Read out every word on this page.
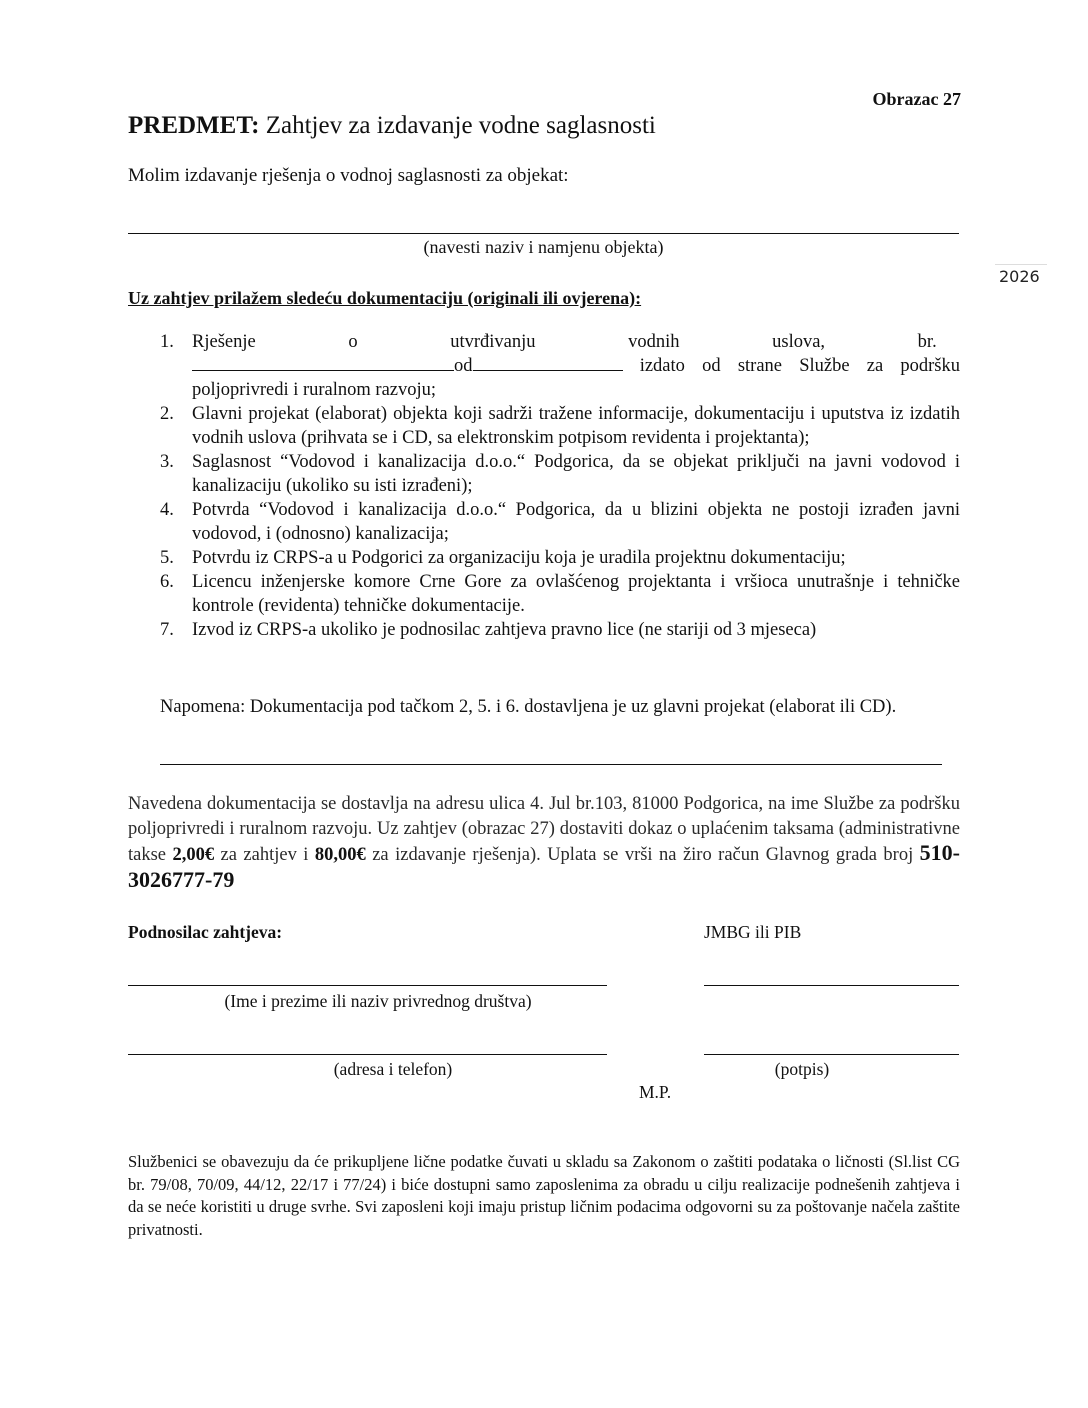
Obrazac 27
PREDMET: Zahtjev za izdavanje vodne saglasnosti
Molim izdavanje rješenja o vodnoj saglasnosti za objekat:
(navesti naziv i namjenu objekta)
2026
Uz zahtjev prilažem sledeću dokumentaciju (originali ili ovjerena):
1. Rješenje o utvrđivanju vodnih uslova, br.
od	izdato od strane Službe za podršku poljoprivredi i ruralnom razvoju;
2. Glavni projekat (elaborat) objekta koji sadrži tražene informacije, dokumentaciju i uputstva iz izdatih vodnih uslova (prihvata se i CD, sa elektronskim potpisom revidenta i projektanta);
3. Saglasnost “Vodovod i kanalizacija d.o.o.“ Podgorica, da se objekat priključi na javni vodovod i kanalizaciju (ukoliko su isti izrađeni);
4. Potvrda “Vodovod i kanalizacija d.o.o.“ Podgorica, da u blizini objekta ne postoji izrađen javni vodovod, i (odnosno) kanalizacija;
5. Potvrdu iz CRPS-a u Podgorici za organizaciju koja je uradila projektnu dokumentaciju;
6. Licencu inženjerske komore Crne Gore za ovlašćenog projektanta i vršioca unutrašnje i tehničke kontrole (revidenta) tehničke dokumentacije.
7. Izvod iz CRPS-a ukoliko je podnosilac zahtjeva pravno lice (ne stariji od 3 mjeseca)
Napomena: Dokumentacija pod tačkom 2, 5. i 6. dostavljena je uz glavni projekat (elaborat ili CD).
Navedena dokumentacija se dostavlja na adresu ulica 4. Jul br.103, 81000 Podgorica, na ime Službe za podršku poljoprivredi i ruralnom razvoju. Uz zahtjev (obrazac 27) dostaviti dokaz o uplaćenim taksama (administrativne takse 2,00€ za zahtjev i 80,00€ za izdavanje rješenja). Uplata se vrši na žiro račun Glavnog grada broj 510-3026777-79
Podnosilac zahtjeva:	JMBG ili PIB
(Ime i prezime ili naziv privrednog društva)
(adresa i telefon)	(potpis)
M.P.
Službenici se obavezuju da će prikupljene lične podatke čuvati u skladu sa Zakonom o zaštiti podataka o ličnosti (Sl.list CG br. 79/08, 70/09, 44/12, 22/17 i 77/24) i biće dostupni samo zaposlenima za obradu u cilju realizacije podnešenih zahtjeva i da se neće koristiti u druge svrhe. Svi zaposleni koji imaju pristup ličnim podacima odgovorni su za poštovanje načela zaštite privatnosti.
